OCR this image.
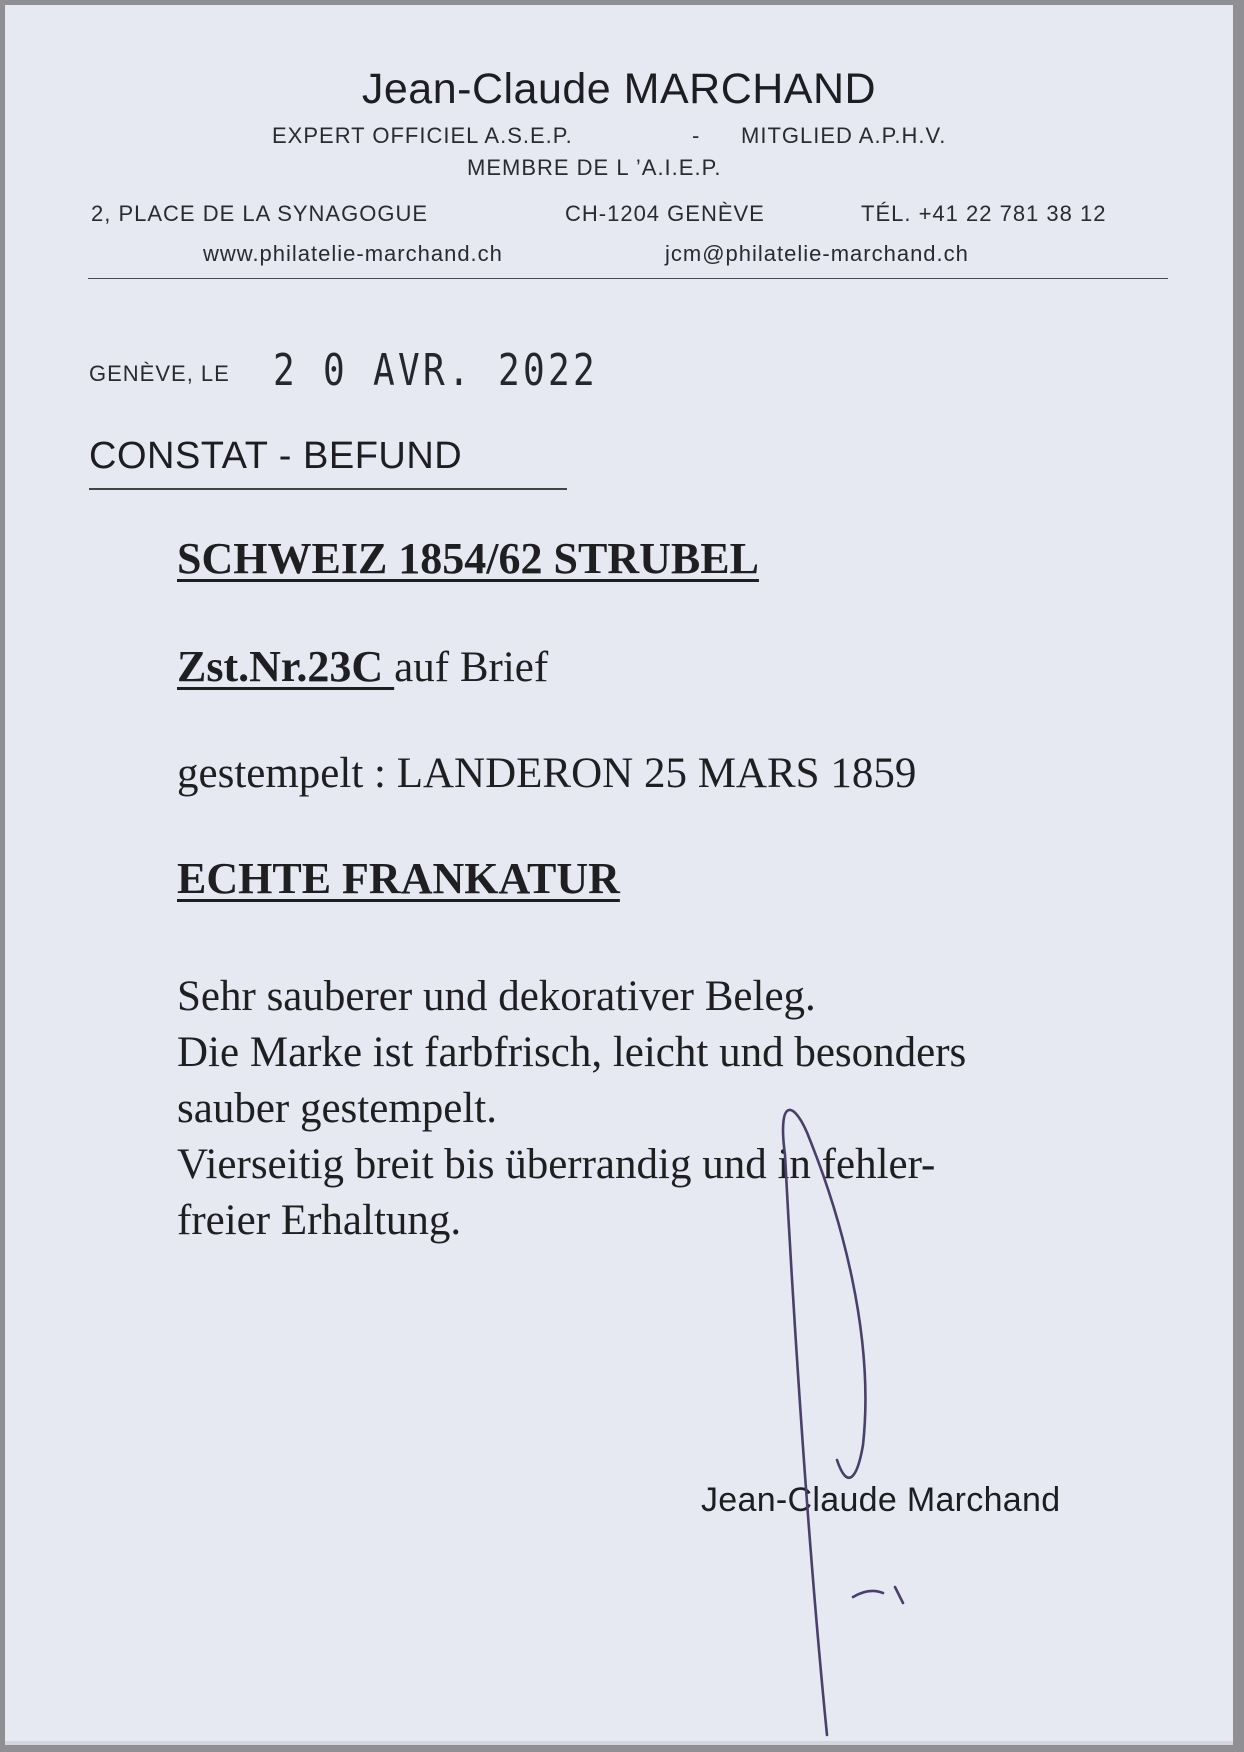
Jean-Claude MARCHAND
EXPERT OFFICIEL A.S.E.P.	- MITGLIED A.P.H.V.
MEMBRE DE L ’A.I.E.P.
2, PLACE DE LA SYNAGOGUE	CH-1204 GENÈVE	TÉL. +41 22 781 38 12
www.philatelie-marchand.ch	jcm@philatelie-marchand.ch
GENÈVE, LE 2 0 AVR. 2022
CONSTAT - BEFUND
SCHWEIZ 1854/62 STRUBEL
Zst.Nr.23C auf Brief
gestempelt : LANDERON 25 MARS 1859
ECHTE FRANKATUR
Sehr sauberer und dekorativer Beleg.
Die Marke ist farbfrisch, leicht und besonders
sauber gestempelt.
Vierseitig breit bis überrandig und in fehler-
freier Erhaltung.
Jean-Claude Marchand
